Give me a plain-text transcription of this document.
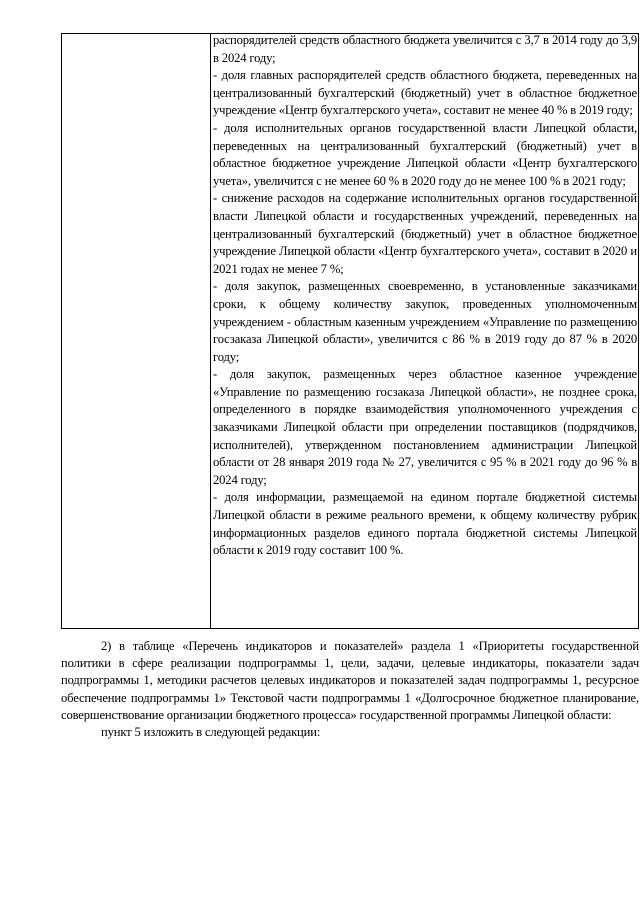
распорядителей средств областного бюджета увеличится с 3,7 в 2014 году до 3,9 в 2024 году;

- доля главных распорядителей средств областного бюджета, переведенных на централизованный бухгалтерский (бюджетный) учет в областное бюджетное учреждение «Центр бухгалтерского учета», составит не менее 40 % в 2019 году;

- доля исполнительных органов государственной власти Липецкой области, переведенных на централизованный бухгалтерский (бюджетный) учет в областное бюджетное учреждение Липецкой области «Центр бухгалтерского учета», увеличится с не менее 60 % в 2020 году до не менее 100 % в 2021 году;

- снижение расходов на содержание исполнительных органов государственной власти Липецкой области и государственных учреждений, переведенных на централизованный бухгалтерский (бюджетный) учет в областное бюджетное учреждение Липецкой области «Центр бухгалтерского учета», составит в 2020 и 2021 годах не менее 7 %;

- доля закупок, размещенных своевременно, в установленные заказчиками сроки, к общему количеству закупок, проведенных уполномоченным учреждением - областным казенным учреждением «Управление по размещению госзаказа Липецкой области», увеличится с 86 % в 2019 году до 87 % в 2020 году;

- доля закупок, размещенных через областное казенное учреждение «Управление по размещению госзаказа Липецкой области», не позднее срока, определенного в порядке взаимодействия уполномоченного учреждения с заказчиками Липецкой области при определении поставщиков (подрядчиков, исполнителей), утвержденном постановлением администрации Липецкой области от 28 января 2019 года № 27, увеличится с 95 % в 2021 году до 96 % в 2024 году;

- доля информации, размещаемой на едином портале бюджетной системы Липецкой области в режиме реального времени, к общему количеству рубрик информационных разделов единого портала бюджетной системы Липецкой области к 2019 году составит 100 %.

2) в таблице «Перечень индикаторов и показателей» раздела 1 «Приоритеты государственной политики в сфере реализации подпрограммы 1, цели, задачи, целевые индикаторы, показатели задач подпрограммы 1, методики расчетов целевых индикаторов и показателей задач подпрограммы 1, ресурсное обеспечение подпрограммы 1» Текстовой части подпрограммы 1 «Долгосрочное бюджетное планирование, совершенствование организации бюджетного процесса» государственной программы Липецкой области:

пункт 5 изложить в следующей редакции:
